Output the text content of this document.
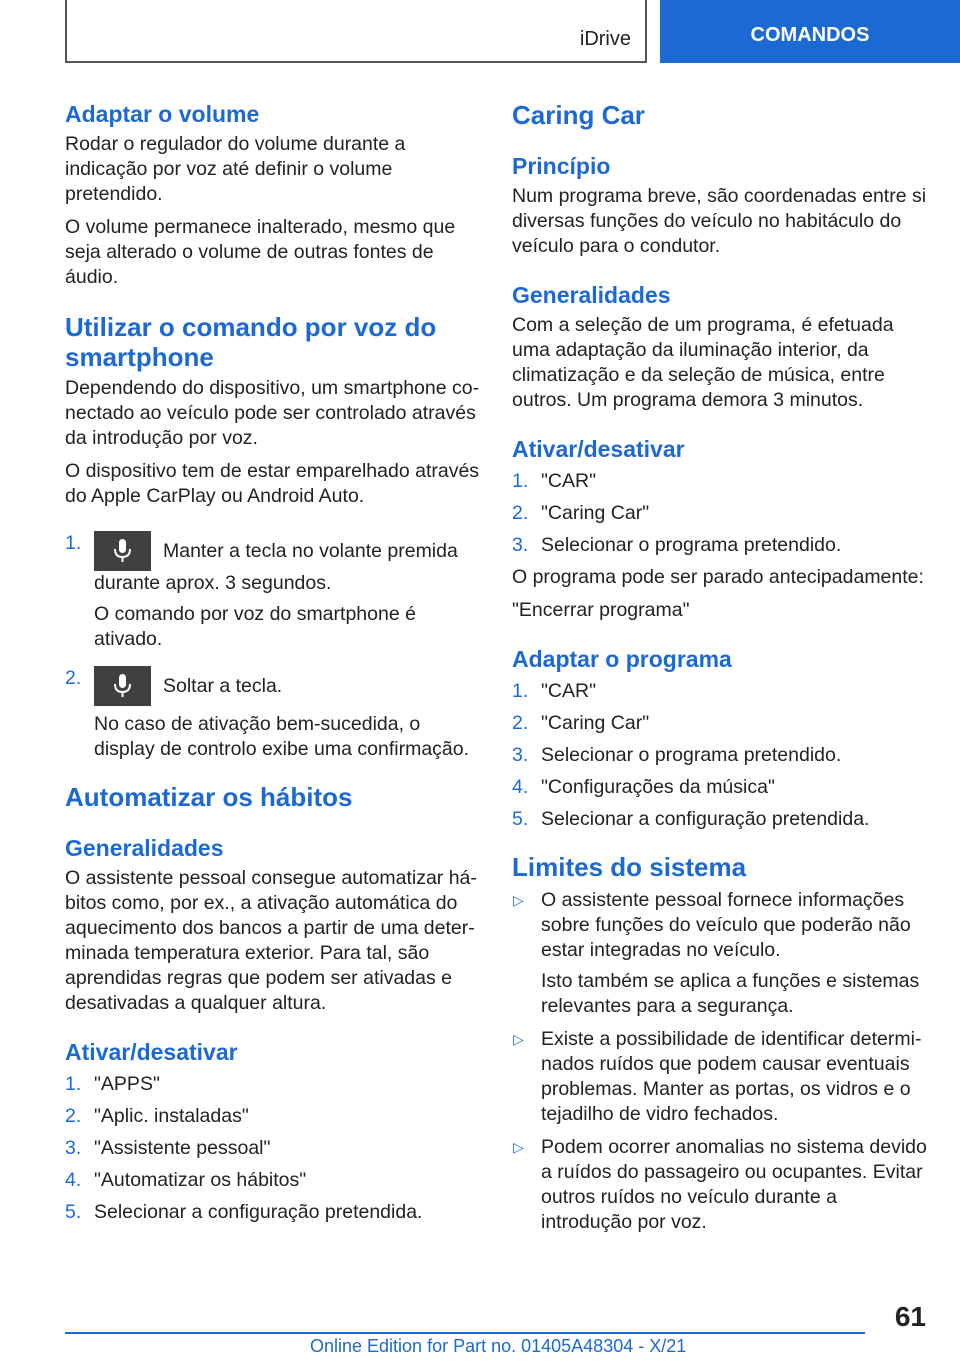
iDrive	COMANDOS
Adaptar o volume

Rodar o regulador do volume durante a indicação por voz até definir o volume pretendido.

O volume permanece inalterado, mesmo que seja alterado o volume de outras fontes de áudio.

Utilizar o comando por voz do smartphone

Dependendo do dispositivo, um smartphone conectado ao veículo pode ser controlado através da introdução por voz.

O dispositivo tem de estar emparelhado através do Apple CarPlay ou Android Auto.

1.	Manter a tecla no volante premida durante aprox. 3 segundos.

O comando por voz do smartphone é ativado.

2.	Soltar a tecla.

No caso de ativação bem-sucedida, o display de controlo exibe uma confirmação.

Automatizar os hábitos
Generalidades

O assistente pessoal consegue automatizar hábitos como, por ex., a ativação automática do aquecimento dos bancos a partir de uma determinada temperatura exterior. Para tal, são aprendidas regras que podem ser ativadas e desativadas a qualquer altura.

Ativar/desativar
1. "APPS"
2. "Aplic. instaladas"
3. "Assistente pessoal"
4. "Automatizar os hábitos"
5. Selecionar a configuração pretendida.
Caring Car
Princípio

Num programa breve, são coordenadas entre si diversas funções do veículo no habitáculo do veículo para o condutor.

Generalidades

Com a seleção de um programa, é efetuada uma adaptação da iluminação interior, da climatização e da seleção de música, entre outros. Um programa demora 3 minutos.

Ativar/desativar
1. "CAR"
2. "Caring Car"
3. Selecionar o programa pretendido.

O programa pode ser parado antecipadamente:

"Encerrar programa"

Adaptar o programa
1. "CAR"
2. "Caring Car"
3. Selecionar o programa pretendido.
4. "Configurações da música"
5. Selecionar a configuração pretendida.
Limites do sistema
▷ O assistente pessoal fornece informações sobre funções do veículo que poderão não estar integradas no veículo.

Isto também se aplica a funções e sistemas relevantes para a segurança.

▷ Existe a possibilidade de identificar determinados ruídos que podem causar eventuais problemas. Manter as portas, os vidros e o tejadilho de vidro fechados.
▷ Podem ocorrer anomalias no sistema devido a ruídos do passageiro ou ocupantes. Evitar outros ruídos no veículo durante a introdução por voz.
61
Online Edition for Part no. 01405A48304 - X/21
